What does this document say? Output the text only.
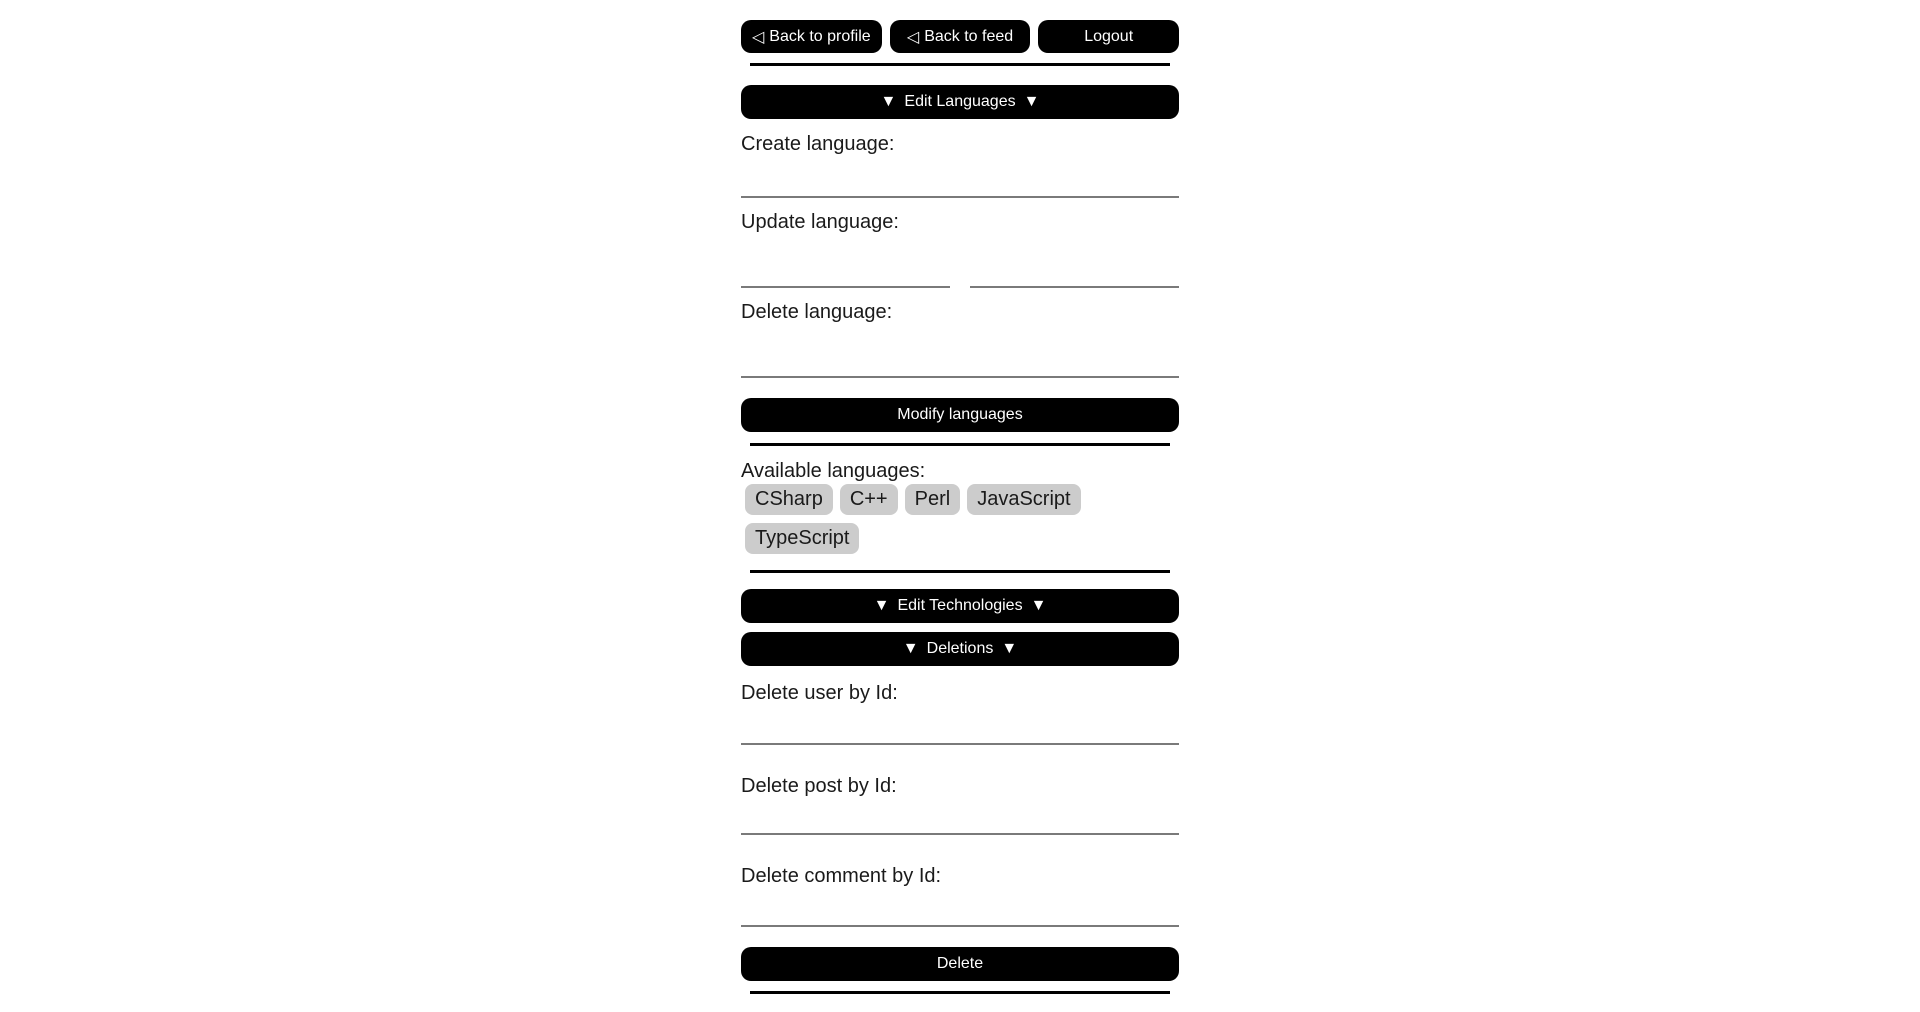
◁ Back to profile ◁ Back to feed	Logout
▼ Edit Languages ▼

Create language:

Update language:

Delete language:

Modify languages

Available languages:

CSharp	C++	Perl	JavaScript
TypeScript
▼ Edit Technologies ▼
▼ Deletions ▼

Delete user by Id:

Delete post by Id:

Delete comment by Id:

Delete
